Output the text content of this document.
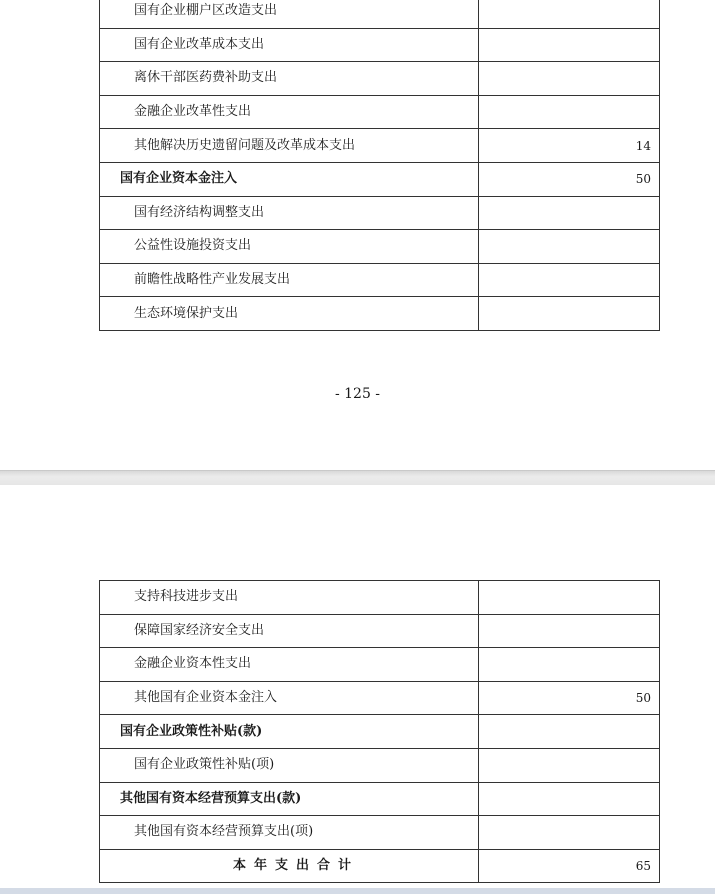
国有企业棚户区改造支出	
国有企业改革成本支出	
离休干部医药费补助支出	
金融企业改革性支出	
其他解决历史遗留问题及改革成本支出	14
国有企业资本金注入	50
国有经济结构调整支出	
公益性设施投资支出	
前瞻性战略性产业发展支出	
生态环境保护支出	
- 125 -
支持科技进步支出	
保障国家经济安全支出	
金融企业资本性支出	
其他国有企业资本金注入	50
国有企业政策性补贴(款)	
国有企业政策性补贴(项)	
其他国有资本经营预算支出(款)	
其他国有资本经营预算支出(项)	
本年支出合计	65
